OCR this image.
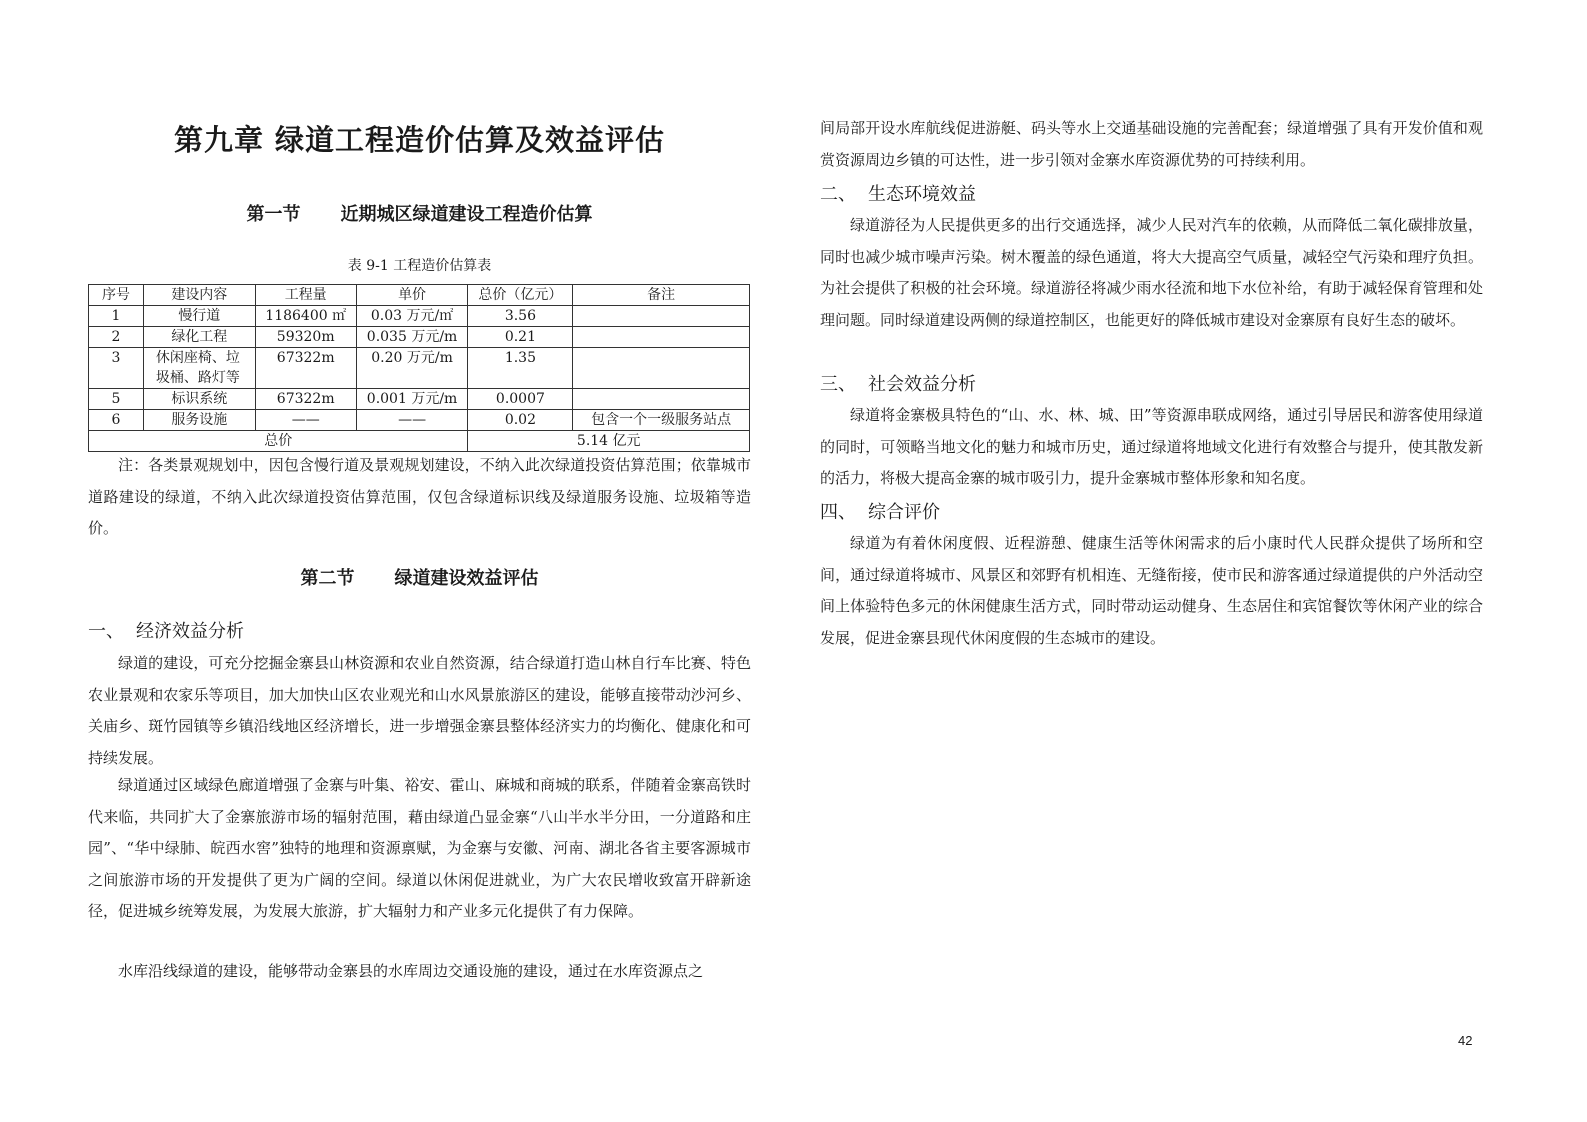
第九章 绿道工程造价估算及效益评估
第一节 近期城区绿道建设工程造价估算
表 9-1 工程造价估算表
序号	建设内容	工程量	单价	总价（亿元）	备注
1	慢行道	1186400 ㎡	0.03 万元/㎡	3.56	
2	绿化工程	59320m	0.035 万元/m	0.21	
3	休闲座椅、垃圾桶、路灯等	67322m	0.20 万元/m	1.35	
5	标识系统	67322m	0.001 万元/m	0.0007	
6	服务设施	——	——	0.02	包含一个一级服务站点
总价				5.14 亿元	
注：各类景观规划中，因包含慢行道及景观规划建设，不纳入此次绿道投资估算范围；依靠城市道路建设的绿道，不纳入此次绿道投资估算范围，仅包含绿道标识线及绿道服务设施、垃圾箱等造价。
第二节 绿道建设效益评估
一、 经济效益分析
绿道的建设，可充分挖掘金寨县山林资源和农业自然资源，结合绿道打造山林自行车比赛、特色农业景观和农家乐等项目，加大加快山区农业观光和山水风景旅游区的建设，能够直接带动沙河乡、关庙乡、斑竹园镇等乡镇沿线地区经济增长，进一步增强金寨县整体经济实力的均衡化、健康化和可持续发展。
绿道通过区域绿色廊道增强了金寨与叶集、裕安、霍山、麻城和商城的联系，伴随着金寨高铁时代来临，共同扩大了金寨旅游市场的辐射范围，藉由绿道凸显金寨“八山半水半分田，一分道路和庄园”、“华中绿肺、皖西水窖”独特的地理和资源禀赋，为金寨与安徽、河南、湖北各省主要客源城市之间旅游市场的开发提供了更为广阔的空间。绿道以休闲促进就业，为广大农民增收致富开辟新途径，促进城乡统筹发展，为发展大旅游，扩大辐射力和产业多元化提供了有力保障。
水库沿线绿道的建设，能够带动金寨县的水库周边交通设施的建设，通过在水库资源点之
间局部开设水库航线促进游艇、码头等水上交通基础设施的完善配套；绿道增强了具有开发价值和观赏资源周边乡镇的可达性，进一步引领对金寨水库资源优势的可持续利用。
二、 生态环境效益
绿道游径为人民提供更多的出行交通选择，减少人民对汽车的依赖，从而降低二氧化碳排放量，同时也减少城市噪声污染。树木覆盖的绿色通道，将大大提高空气质量，减轻空气污染和理疗负担。为社会提供了积极的社会环境。绿道游径将减少雨水径流和地下水位补给，有助于减轻保育管理和处理问题。同时绿道建设两侧的绿道控制区，也能更好的降低城市建设对金寨原有良好生态的破坏。
三、 社会效益分析
绿道将金寨极具特色的“山、水、林、城、田”等资源串联成网络，通过引导居民和游客使用绿道的同时，可领略当地文化的魅力和城市历史，通过绿道将地域文化进行有效整合与提升，使其散发新的活力，将极大提高金寨的城市吸引力，提升金寨城市整体形象和知名度。
四、 综合评价
绿道为有着休闲度假、近程游憩、健康生活等休闲需求的后小康时代人民群众提供了场所和空间，通过绿道将城市、风景区和郊野有机相连、无缝衔接，使市民和游客通过绿道提供的户外活动空间上体验特色多元的休闲健康生活方式，同时带动运动健身、生态居住和宾馆餐饮等休闲产业的综合发展，促进金寨县现代休闲度假的生态城市的建设。
42
